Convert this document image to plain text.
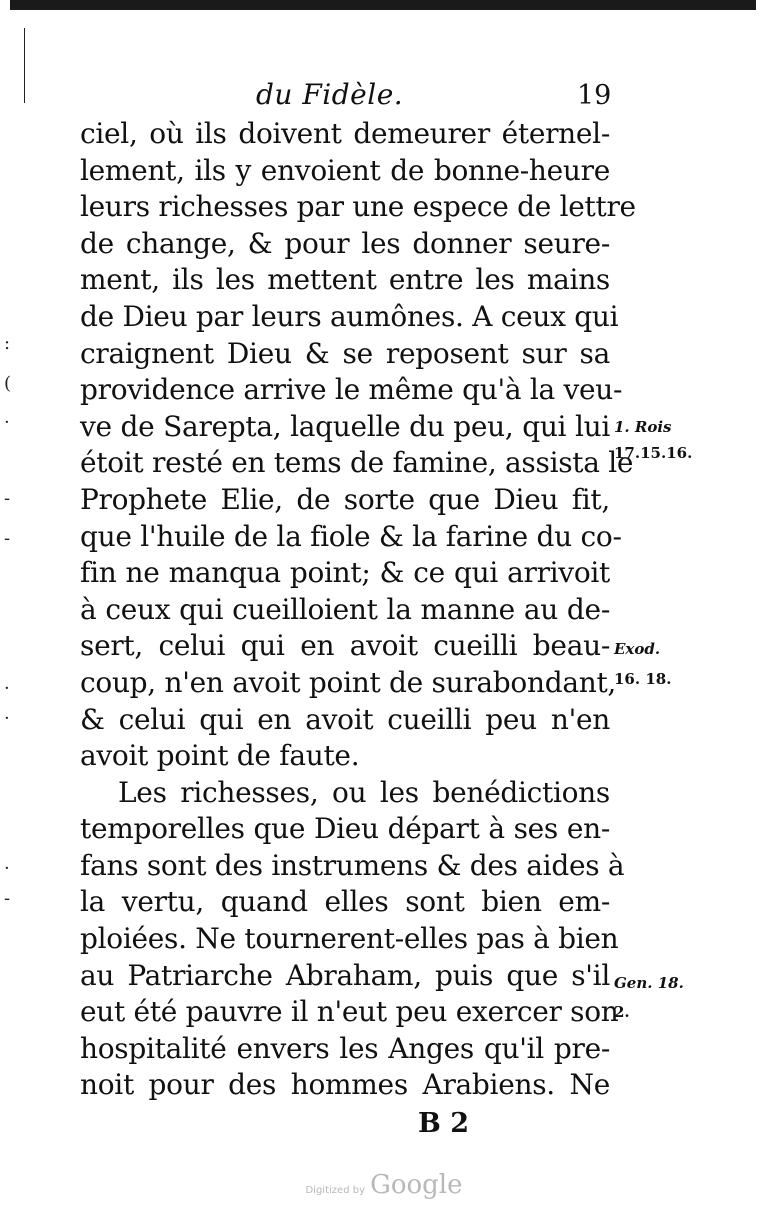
:
(
·
-
-
·
·
·
-
du Fidèle.	19
ciel, où ils doivent demeurer éternel-
lement, ils y envoient de bonne-heure
leurs richesses par une espece de lettre
de change, & pour les donner seure-
ment, ils les mettent entre les mains
de Dieu par leurs aumônes. A ceux qui
craignent Dieu & se reposent sur sa
providence arrive le même qu'à la veu-
ve de Sarepta, laquelle du peu, qui lui
étoit resté en tems de famine, assista le
Prophete Elie, de sorte que Dieu fit,
que l'huile de la fiole & la farine du co-
fin ne manqua point; & ce qui arrivoit
à ceux qui cueilloient la manne au de-
sert, celui qui en avoit cueilli beau-
coup, n'en avoit point de surabondant,
& celui qui en avoit cueilli peu n'en
avoit point de faute.
Les richesses, ou les benédictions
temporelles que Dieu départ à ses en-
fans sont des instrumens & des aides à
la vertu, quand elles sont bien em-
ploiées. Ne tournerent-elles pas à bien
au Patriarche Abraham, puis que s'il
eut été pauvre il n'eut peu exercer son
hospitalité envers les Anges qu'il pre-
noit pour des hommes Arabiens. Ne
1. Rois
17.15.16.
Exod.
16. 18.
Gen. 18.
2.
B 2
Digitized by Google
